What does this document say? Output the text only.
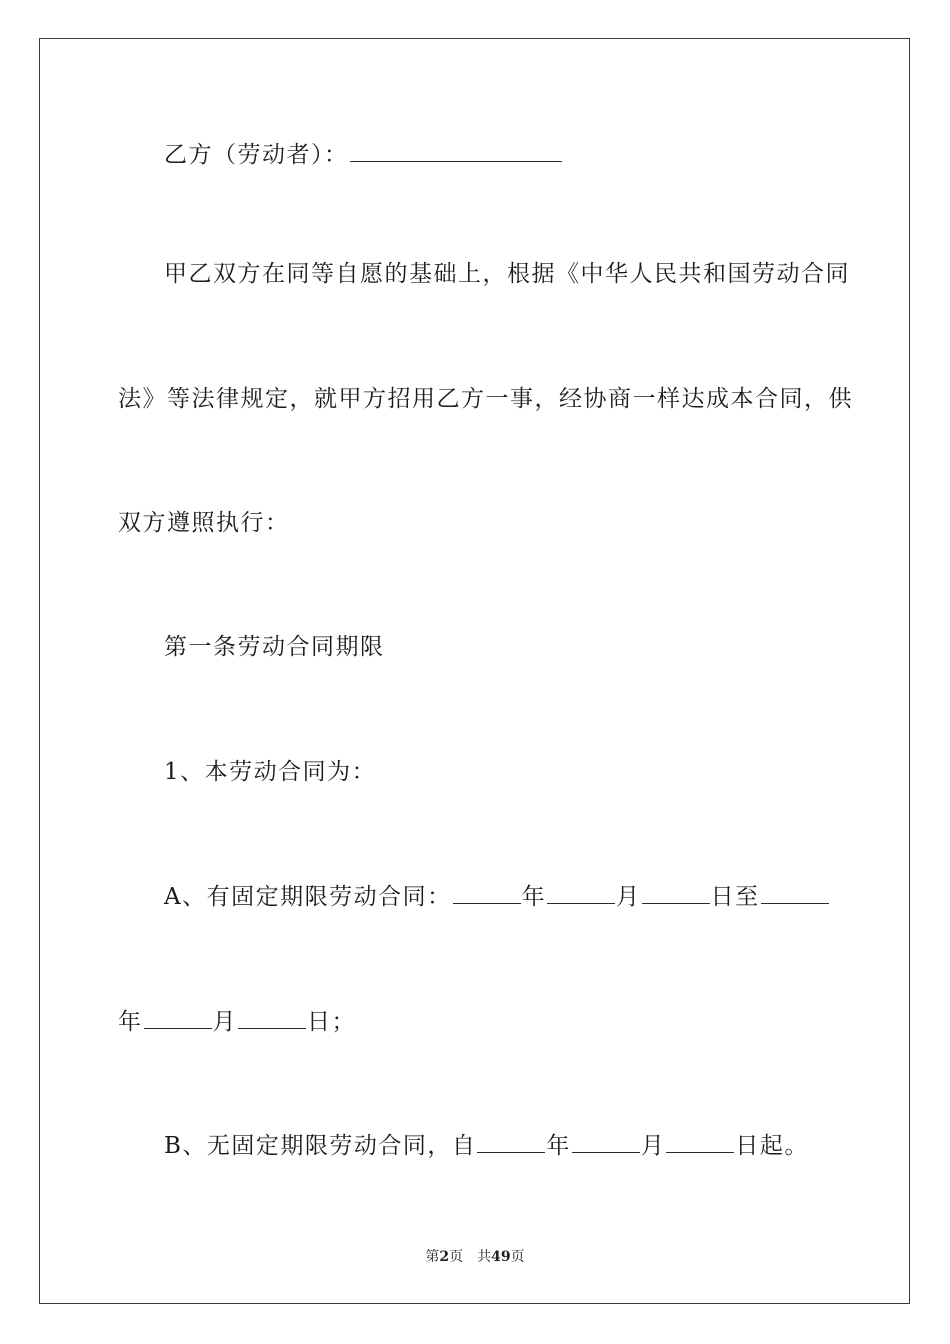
乙方（劳动者）：
甲乙双方在同等自愿的基础上，根据《中华人民共和国劳动合同
法》等法律规定，就甲方招用乙方一事，经协商一样达成本合同，供
双方遵照执行：
第一条劳动合同期限
1、本劳动合同为：
A、有固定期限劳动合同：	年	月	日至
年	月	日；
B、无固定期限劳动合同，自	年	月	日起。
第2页　共49页
